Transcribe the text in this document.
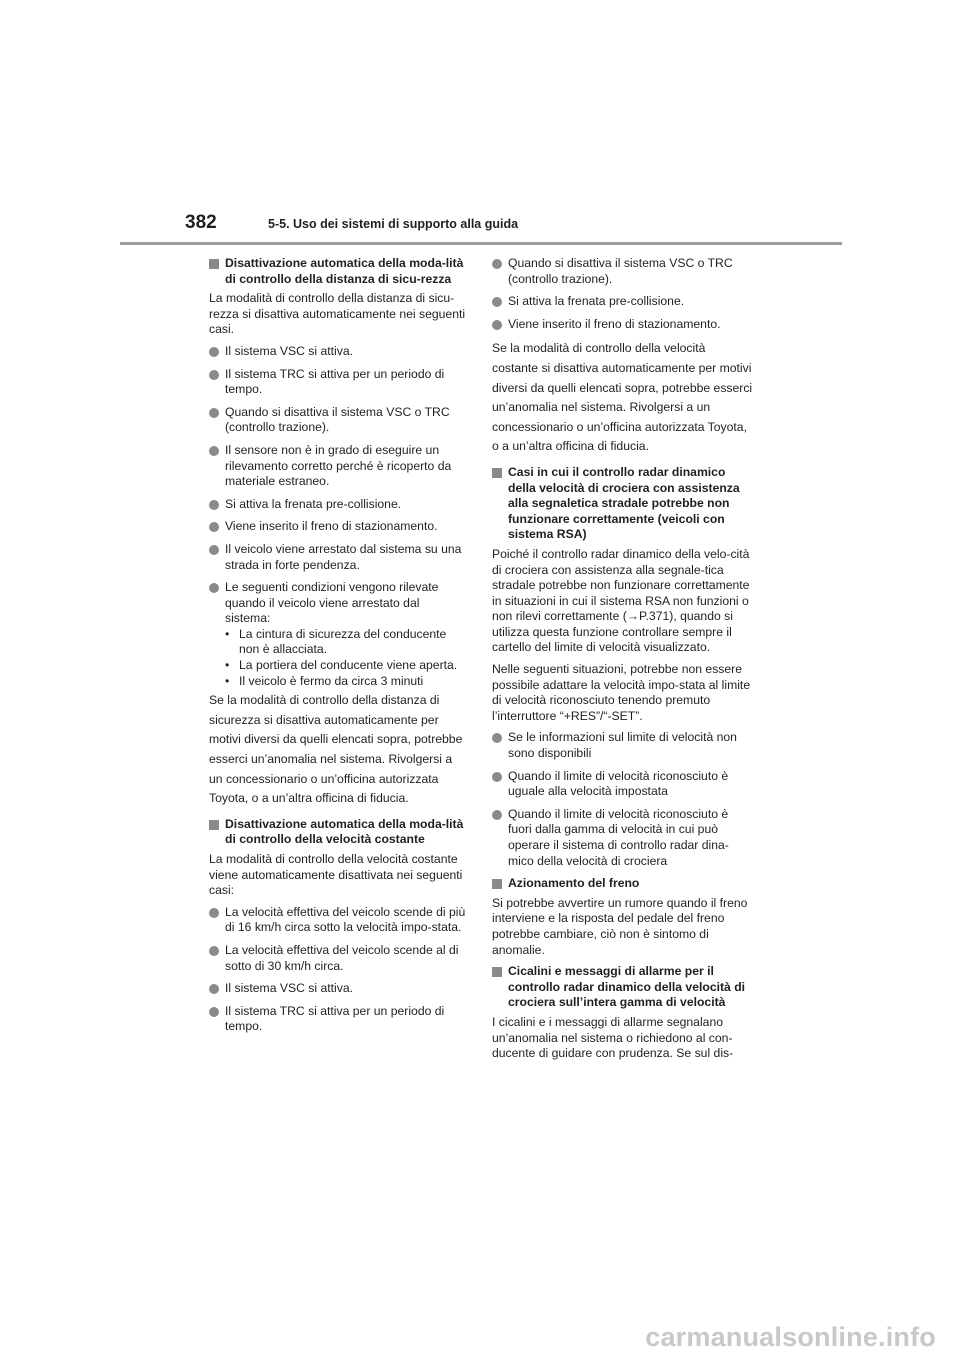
382	5-5. Uso dei sistemi di supporto alla guida
Disattivazione automatica della moda-lità di controllo della distanza di sicu-rezza
La modalità di controllo della distanza di sicu-rezza si disattiva automaticamente nei seguenti casi.
Il sistema VSC si attiva.
Il sistema TRC si attiva per un periodo di tempo.
Quando si disattiva il sistema VSC o TRC (controllo trazione).
Il sensore non è in grado di eseguire un rilevamento corretto perché è ricoperto da materiale estraneo.
Si attiva la frenata pre-collisione.
Viene inserito il freno di stazionamento.
Il veicolo viene arrestato dal sistema su una strada in forte pendenza.
Le seguenti condizioni vengono rilevate quando il veicolo viene arrestato dal sistema:
• La cintura di sicurezza del conducente non è allacciata.
• La portiera del conducente viene aperta.
• Il veicolo è fermo da circa 3 minuti
Se la modalità di controllo della distanza di sicurezza si disattiva automaticamente per motivi diversi da quelli elencati sopra, potrebbe esserci un’anomalia nel sistema. Rivolgersi a un concessionario o un’officina autorizzata Toyota, o a un’altra officina di fiducia.
Disattivazione automatica della moda-lità di controllo della velocità costante
La modalità di controllo della velocità costante viene automaticamente disattivata nei seguenti casi:
La velocità effettiva del veicolo scende di più di 16 km/h circa sotto la velocità impo-stata.
La velocità effettiva del veicolo scende al di sotto di 30 km/h circa.
Il sistema VSC si attiva.
Il sistema TRC si attiva per un periodo di tempo.
Quando si disattiva il sistema VSC o TRC (controllo trazione).
Si attiva la frenata pre-collisione.
Viene inserito il freno di stazionamento.
Se la modalità di controllo della velocità costante si disattiva automaticamente per motivi diversi da quelli elencati sopra, potrebbe esserci un’anomalia nel sistema. Rivolgersi a un concessionario o un’officina autorizzata Toyota, o a un’altra officina di fiducia.
Casi in cui il controllo radar dinamico della velocità di crociera con assistenza alla segnaletica stradale potrebbe non funzionare correttamente (veicoli con sistema RSA)
Poiché il controllo radar dinamico della velo-cità di crociera con assistenza alla segnale-tica stradale potrebbe non funzionare correttamente in situazioni in cui il sistema RSA non funzioni o non rilevi correttamente (→P.371), quando si utilizza questa funzione controllare sempre il cartello del limite di velocità visualizzato.
Nelle seguenti situazioni, potrebbe non essere possibile adattare la velocità impo-stata al limite di velocità riconosciuto tenendo premuto l’interruttore “+RES”/“-SET”.
Se le informazioni sul limite di velocità non sono disponibili
Quando il limite di velocità riconosciuto è uguale alla velocità impostata
Quando il limite di velocità riconosciuto è fuori dalla gamma di velocità in cui può operare il sistema di controllo radar dina-mico della velocità di crociera
Azionamento del freno
Si potrebbe avvertire un rumore quando il freno interviene e la risposta del pedale del freno potrebbe cambiare, ciò non è sintomo di anomalie.
Cicalini e messaggi di allarme per il controllo radar dinamico della velocità di crociera sull’intera gamma di velocità
I cicalini e i messaggi di allarme segnalano un’anomalia nel sistema o richiedono al con-ducente di guidare con prudenza. Se sul dis-
carmanualsonline.info
